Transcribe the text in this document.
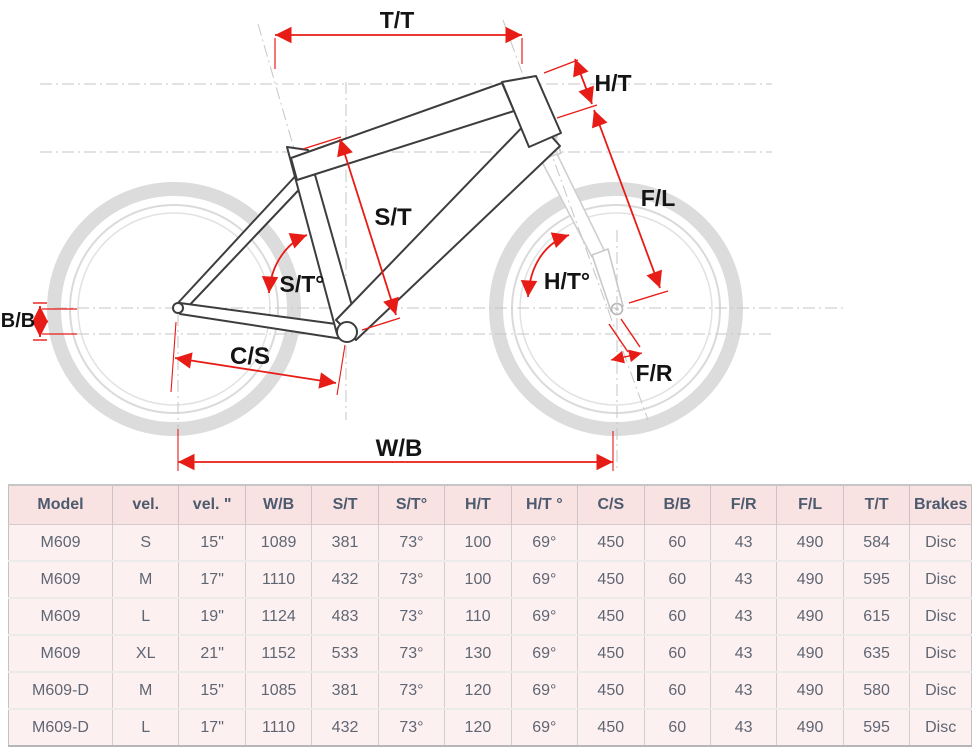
T/T
H/T
F/L
S/T
S/T°	H/T°
B/B
C/S
F/R
W/B
Model	vel.	vel. "	W/B	S/T	S/T°	H/T	H/T °	C/S	B/B	F/R	F/L	T/T	Brakes
M609	S	15"	1089	381	73°	100	69°	450	60	43	490	584	Disc
M609	M	17"	1110	432	73°	100	69°	450	60	43	490	595	Disc
M609	L	19"	1124	483	73°	110	69°	450	60	43	490	615	Disc
M609	XL	21"	1152	533	73°	130	69°	450	60	43	490	635	Disc
M609-D	M	15"	1085	381	73°	120	69°	450	60	43	490	580	Disc
M609-D	L	17"	1110	432	73°	120	69°	450	60	43	490	595	Disc
